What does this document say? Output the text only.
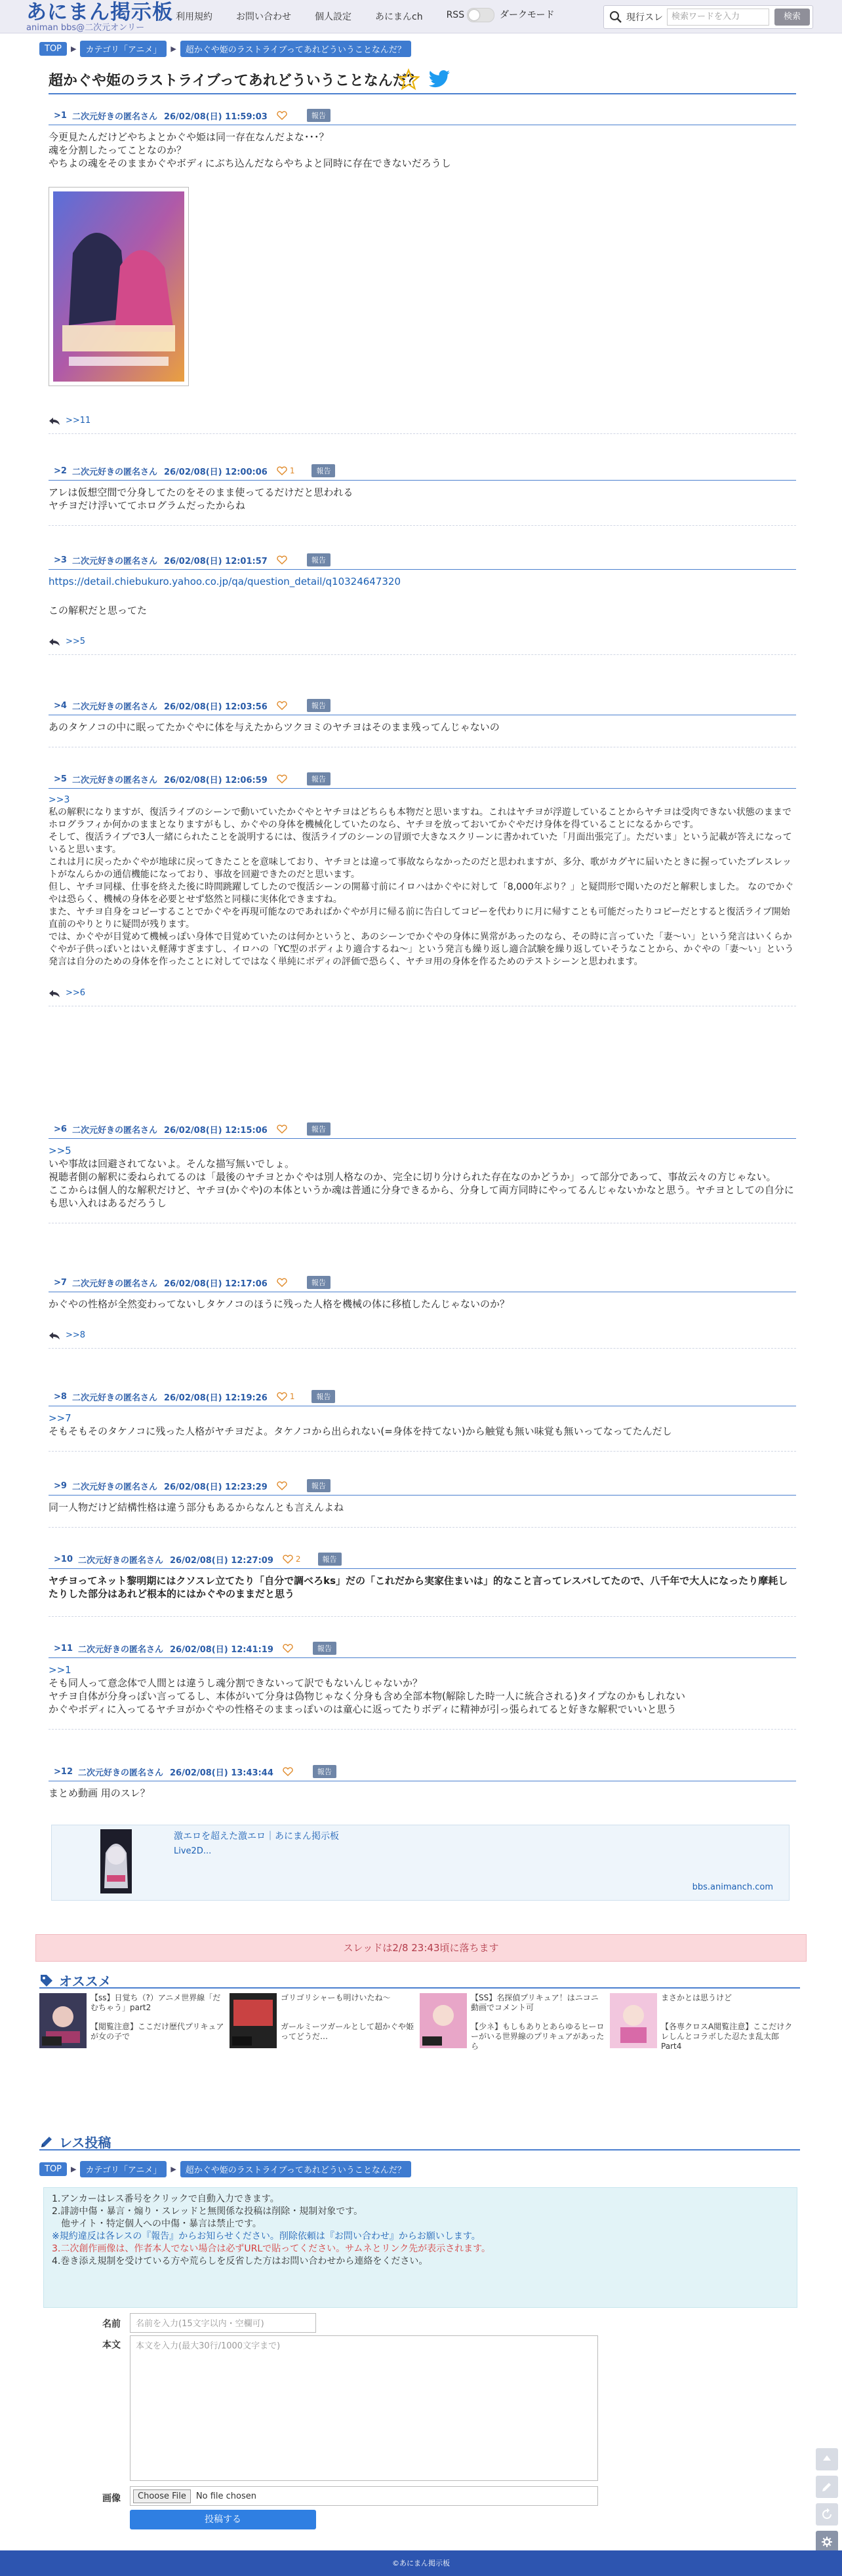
あにまん掲示板
animan bbs@二次元オンリー
利用規約	お問い合わせ	個人設定	あにまんch	RSS	ダークモード	現行スレ	検索ワードを入力	検索
TOP	▶	カテゴリ「アニメ」	▶	超かぐや姫のラストライブってあれどういうことなんだ？
超かぐや姫のラストライブってあれどういうことなんだ？
>1 二次元好きの匿名さん 26/02/08(日) 11:59:03	報告

今更見たんだけどやちよとかぐや姫は同一存在なんだよな･･･？

魂を分割したってことなのか？

やちよの魂をそのままかぐやボディにぶち込んだならやちよと同時に存在できないだろうし

>>11
>2 二次元好きの匿名さん 26/02/08(日) 12:00:06	1	報告

アレは仮想空間で分身してたのをそのまま使ってるだけだと思われる

ヤチヨだけ浮いててホログラムだったからね

>3 二次元好きの匿名さん 26/02/08(日) 12:01:57	報告

https://detail.chiebukuro.yahoo.co.jp/qa/question_detail/q10324647320

この解釈だと思ってた

>>5
>4 二次元好きの匿名さん 26/02/08(日) 12:03:56	報告

あのタケノコの中に眠ってたかぐやに体を与えたからツクヨミのヤチヨはそのまま残ってんじゃないの

>5 二次元好きの匿名さん 26/02/08(日) 12:06:59	報告

>>3

私の解釈になりますが、復活ライブのシーンで動いていたかぐやとヤチヨはどちらも本物だと思いますね。これはヤチヨが浮遊していることからヤチヨは受肉できない状態のままでホログラフィか何かのままとなりますがもし、かぐやの身体を機械化していたのなら、ヤチヨを放っておいてかぐやだけ身体を得ていることになるからです。

そして、復活ライブで3人一緒にられたことを説明するには、復活ライブのシーンの冒頭で大きなスクリーンに書かれていた「月面出張完了」。ただいま」という記載が答えになっていると思います。

これは月に戻ったかぐやが地球に戻ってきたことを意味しており、ヤチヨとは違って事故ならなかったのだと思われますが、多分、歌がカグヤに届いたときに握っていたブレスレットがなんらかの通信機能になっており、事故を回避できたのだと思います。

但し、ヤチヨ同様、仕事を終えた後に時間跳躍してしたので復活シーンの開幕寸前にイロハはかぐやに対して「8,000年ぶり？」と疑問形で聞いたのだと解釈しました。 なのでかぐやは恐らく、機械の身体を必要とせず悠然と同様に実体化できますね。

また、ヤチヨ自身をコピーすることでかぐやを再現可能なのであればかぐやが月に帰る前に告白してコピーを代わりに月に帰すことも可能だったりコピーだとすると復活ライブ開始直前のやりとりに疑問が残ります。

では、かぐやが目覚めて機械っぽい身体で目覚めていたのは何かというと、あのシーンでかぐやの身体に異常があったのなら、その時に言っていた「妻〜い」という発言はいくらかぐやが子供っぽいとはいえ軽薄すぎますし、イロハの「YC型のボディより適合するね〜」という発言も繰り返し適合試験を繰り返していそうなことから、かぐやの「妻〜い」という 発言は自分のための身体を作ったことに対してではなく単純にボディの評価で恐らく、ヤチヨ用の身体を作るためのテストシーンと思われます。

>>6
>6 二次元好きの匿名さん 26/02/08(日) 12:15:06	報告

>>5

いや事故は回避されてないよ。そんな描写無いでしょ。

視聴者側の解釈に委ねられてるのは「最後のヤチヨとかぐやは別人格なのか、完全に切り分けられた存在なのかどうか」って部分であって、事故云々の方じゃない。

ここからは個人的な解釈だけど、ヤチヨ(かぐや)の本体というか魂は普通に分身できるから、分身して両方同時にやってるんじゃないかなと思う。ヤチヨとしての自分にも思い入れはあるだろうし

>7 二次元好きの匿名さん 26/02/08(日) 12:17:06	報告

かぐやの性格が全然変わってないしタケノコのほうに残った人格を機械の体に移植したんじゃないのか？

>>8
>8 二次元好きの匿名さん 26/02/08(日) 12:19:26	1	報告

>>7

そもそもそのタケノコに残った人格がヤチヨだよ。タケノコから出られない(=身体を持てない)から触覚も無い味覚も無いってなってたんだし

>9 二次元好きの匿名さん 26/02/08(日) 12:23:29	報告

同一人物だけど結構性格は違う部分もあるからなんとも言えんよね

>10 二次元好きの匿名さん 26/02/08(日) 12:27:09	2	報告

ヤチヨってネット黎明期にはクソスレ立てたり「自分で調べろks」だの「これだから実家住まいは」的なこと言ってレスバしてたので、八千年で大人になったり摩耗したりした部分はあれど根本的にはかぐやのままだと思う

>11 二次元好きの匿名さん 26/02/08(日) 12:41:19	報告

>>1

そも同人って意念体で人間とは違うし魂分割できないって訳でもないんじゃないか？

ヤチヨ自体が分身っぽい言ってるし、本体がいて分身は偽物じゃなく分身も含め全部本物(解除した時一人に統合される)タイプなのかもしれない

かぐやボディに入ってるヤチヨがかぐやの性格そのままっぽいのは童心に返ってたりボディに精神が引っ張られてると好きな解釈でいいと思う

>12 二次元好きの匿名さん 26/02/08(日) 13:43:44	報告

まとめ動画 用のスレ？

激エロを超えた激エロ｜あにまん掲示板
Live2D...
bbs.animanch.com
スレッドは2/8 23:43頃に落ちます
オススメ
【ss】日覚ち（?）アニメ世界線「だむちゃう」part2
【閲覧注意】ここだけ歴代プリキュアが女の子で
ゴリゴリシャーも明けいたね〜
ガールミーツガールとして超かぐや姫ってどうだ…
【SS】名探偵プリキュア！はニコニ動画でコメント可
【少ネ】もしもありとあらゆるヒーローがいる世界線のプリキュアがあったら
まさかとは思うけど
【各専クロスA閲覧注意】ここだけクレしんとコラボした忍たま乱太郎Part4
レス投稿
TOP	▶	カテゴリ「アニメ」	▶	超かぐや姫のラストライブってあれどういうことなんだ？
1.アンカーはレス番号をクリックで自動入力できます。
2.誹謗中傷・暴言・煽り・スレッドと無関係な投稿は削除・規制対象です。
　他サイト・特定個人への中傷・暴言は禁止です。
※規約違反は各レスの『報告』からお知らせください。削除依頼は『お問い合わせ』からお願いします。
3.二次創作画像は、作者本人でない場合は必ずURLで貼ってください。サムネとリンク先が表示されます。
4.巻き添え規制を受けている方や荒らしを反省した方はお問い合わせから連絡をください。
名前	名前を入力(15文字以内・空欄可)
本文	本文を入力(最大30行/1000文字まで)
画像	Choose File	No file chosen
投稿する
©あにまん掲示板
